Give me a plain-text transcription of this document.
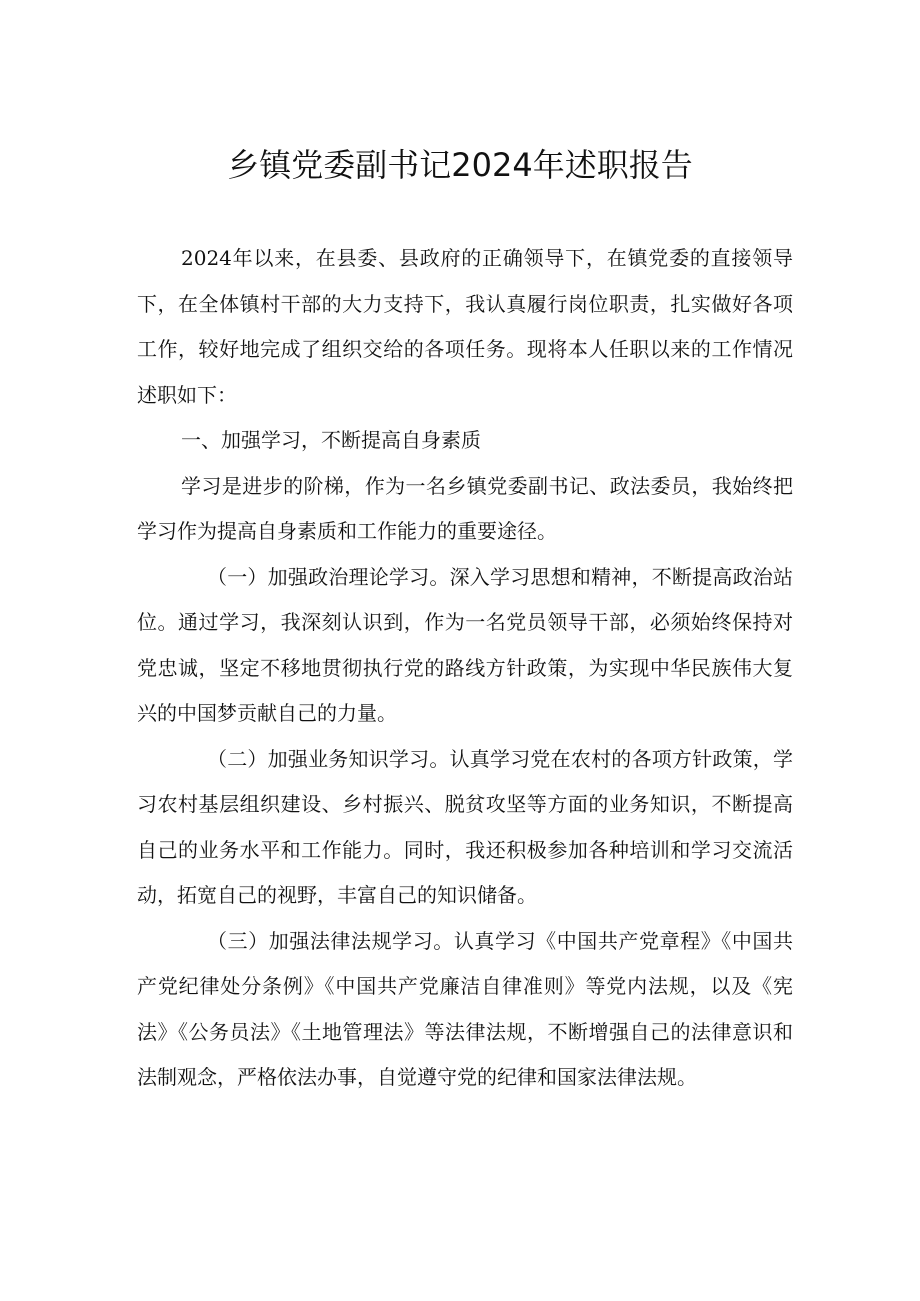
乡镇党委副书记2024年述职报告

2024年以来，在县委、县政府的正确领导下，在镇党委的直接领导下，在全体镇村干部的大力支持下，我认真履行岗位职责，扎实做好各项工作，较好地完成了组织交给的各项任务。现将本人任职以来的工作情况述职如下：

一、加强学习，不断提高自身素质

学习是进步的阶梯，作为一名乡镇党委副书记、政法委员，我始终把学习作为提高自身素质和工作能力的重要途径。

（一）加强政治理论学习。深入学习思想和精神，不断提高政治站位。通过学习，我深刻认识到，作为一名党员领导干部，必须始终保持对党忠诚，坚定不移地贯彻执行党的路线方针政策，为实现中华民族伟大复兴的中国梦贡献自己的力量。

（二）加强业务知识学习。认真学习党在农村的各项方针政策，学习农村基层组织建设、乡村振兴、脱贫攻坚等方面的业务知识，不断提高自己的业务水平和工作能力。同时，我还积极参加各种培训和学习交流活动，拓宽自己的视野，丰富自己的知识储备。

（三）加强法律法规学习。认真学习《中国共产党章程》《中国共产党纪律处分条例》《中国共产党廉洁自律准则》等党内法规，以及《宪法》《公务员法》《土地管理法》等法律法规，不断增强自己的法律意识和法制观念，严格依法办事，自觉遵守党的纪律和国家法律法规。
